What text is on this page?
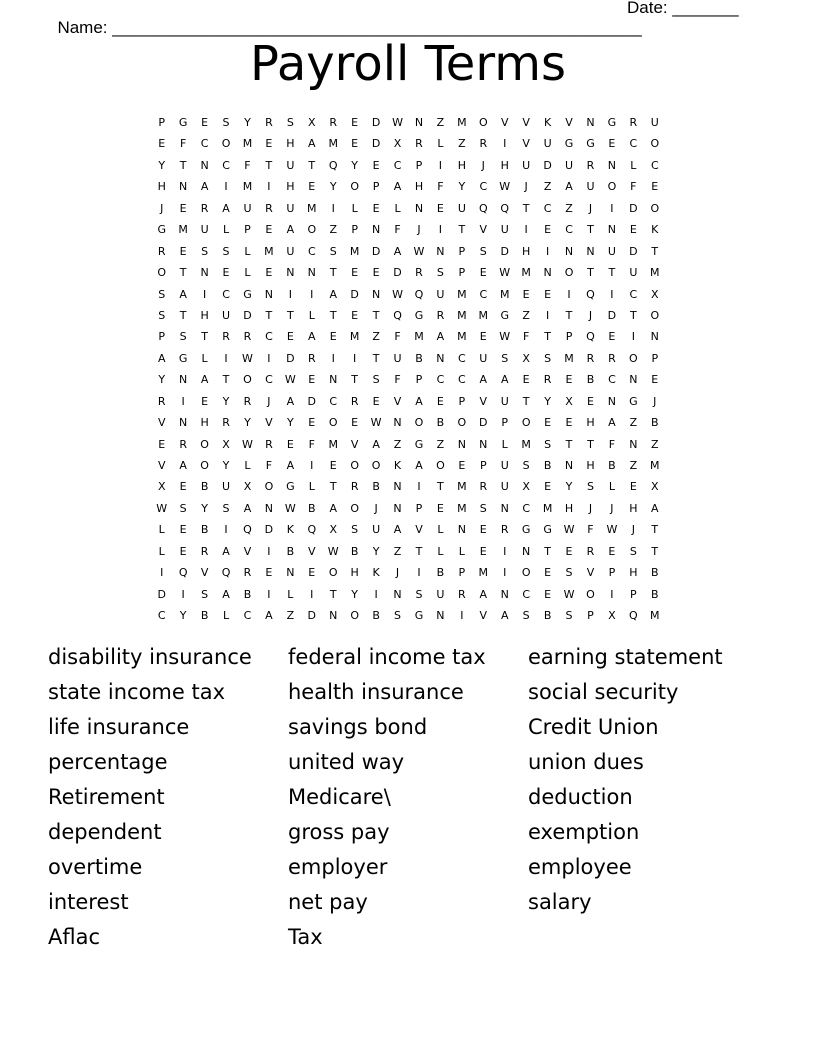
Name: ________________________________________________________

Date: _______

Payroll Terms
P	G	E	S	Y	R	S	X	R	E	D	W	N	Z	M	O	V	V	K	V	N	G	R	U
E	F	C	O	M	E	H	A	M	E	D	X	R	L	Z	R	I	V	U	G	G	E	C	O
Y	T	N	C	F	T	U	T	Q	Y	E	C	P	I	H	J	H	U	D	U	R	N	L	C
H	N	A	I	M	I	H	E	Y	O	P	A	H	F	Y	C	W	J	Z	A	U	O	F	E
J	E	R	A	U	R	U	M	I	L	E	L	N	E	U	Q	Q	T	C	Z	J	I	D	O
G	M	U	L	P	E	A	O	Z	P	N	F	J	I	T	V	U	I	E	C	T	N	E	K
R	E	S	S	L	M	U	C	S	M	D	A	W	N	P	S	D	H	I	N	N	U	D	T
O	T	N	E	L	E	N	N	T	E	E	D	R	S	P	E	W	M	N	O	T	T	U	M
S	A	I	C	G	N	I	I	A	D	N	W	Q	U	M	C	M	E	E	I	Q	I	C	X
S	T	H	U	D	T	T	L	T	E	T	Q	G	R	M	M	G	Z	I	T	J	D	T	O
P	S	T	R	R	C	E	A	E	M	Z	F	M	A	M	E	W	F	T	P	Q	E	I	N
A	G	L	I	W	I	D	R	I	I	T	U	B	N	C	U	S	X	S	M	R	R	O	P
Y	N	A	T	O	C	W	E	N	T	S	F	P	C	C	A	A	E	R	E	B	C	N	E
R	I	E	Y	R	J	A	D	C	R	E	V	A	E	P	V	U	T	Y	X	E	N	G	J
V	N	H	R	Y	V	Y	E	O	E	W	N	O	B	O	D	P	O	E	E	H	A	Z	B
E	R	O	X	W	R	E	F	M	V	A	Z	G	Z	N	N	L	M	S	T	T	F	N	Z
V	A	O	Y	L	F	A	I	E	O	O	K	A	O	E	P	U	S	B	N	H	B	Z	M
X	E	B	U	X	O	G	L	T	R	B	N	I	T	M	R	U	X	E	Y	S	L	E	X
W	S	Y	S	A	N	W	B	A	O	J	N	P	E	M	S	N	C	M	H	J	J	H	A
L	E	B	I	Q	D	K	Q	X	S	U	A	V	L	N	E	R	G	G	W	F	W	J	T
L	E	R	A	V	I	B	V	W	B	Y	Z	T	L	L	E	I	N	T	E	R	E	S	T
I	Q	V	Q	R	E	N	E	O	H	K	J	I	B	P	M	I	O	E	S	V	P	H	B
D	I	S	A	B	I	L	I	T	Y	I	N	S	U	R	A	N	C	E	W	O	I	P	B
C	Y	B	L	C	A	Z	D	N	O	B	S	G	N	I	V	A	S	B	S	P	X	Q	M
disability insurance
state income tax
life insurance
percentage
Retirement
dependent
overtime
interest
Aflac
federal income tax
health insurance
savings bond
united way
Medicare\
gross pay
employer
net pay
Tax
earning statement
social security
Credit Union
union dues
deduction
exemption
employee
salary
